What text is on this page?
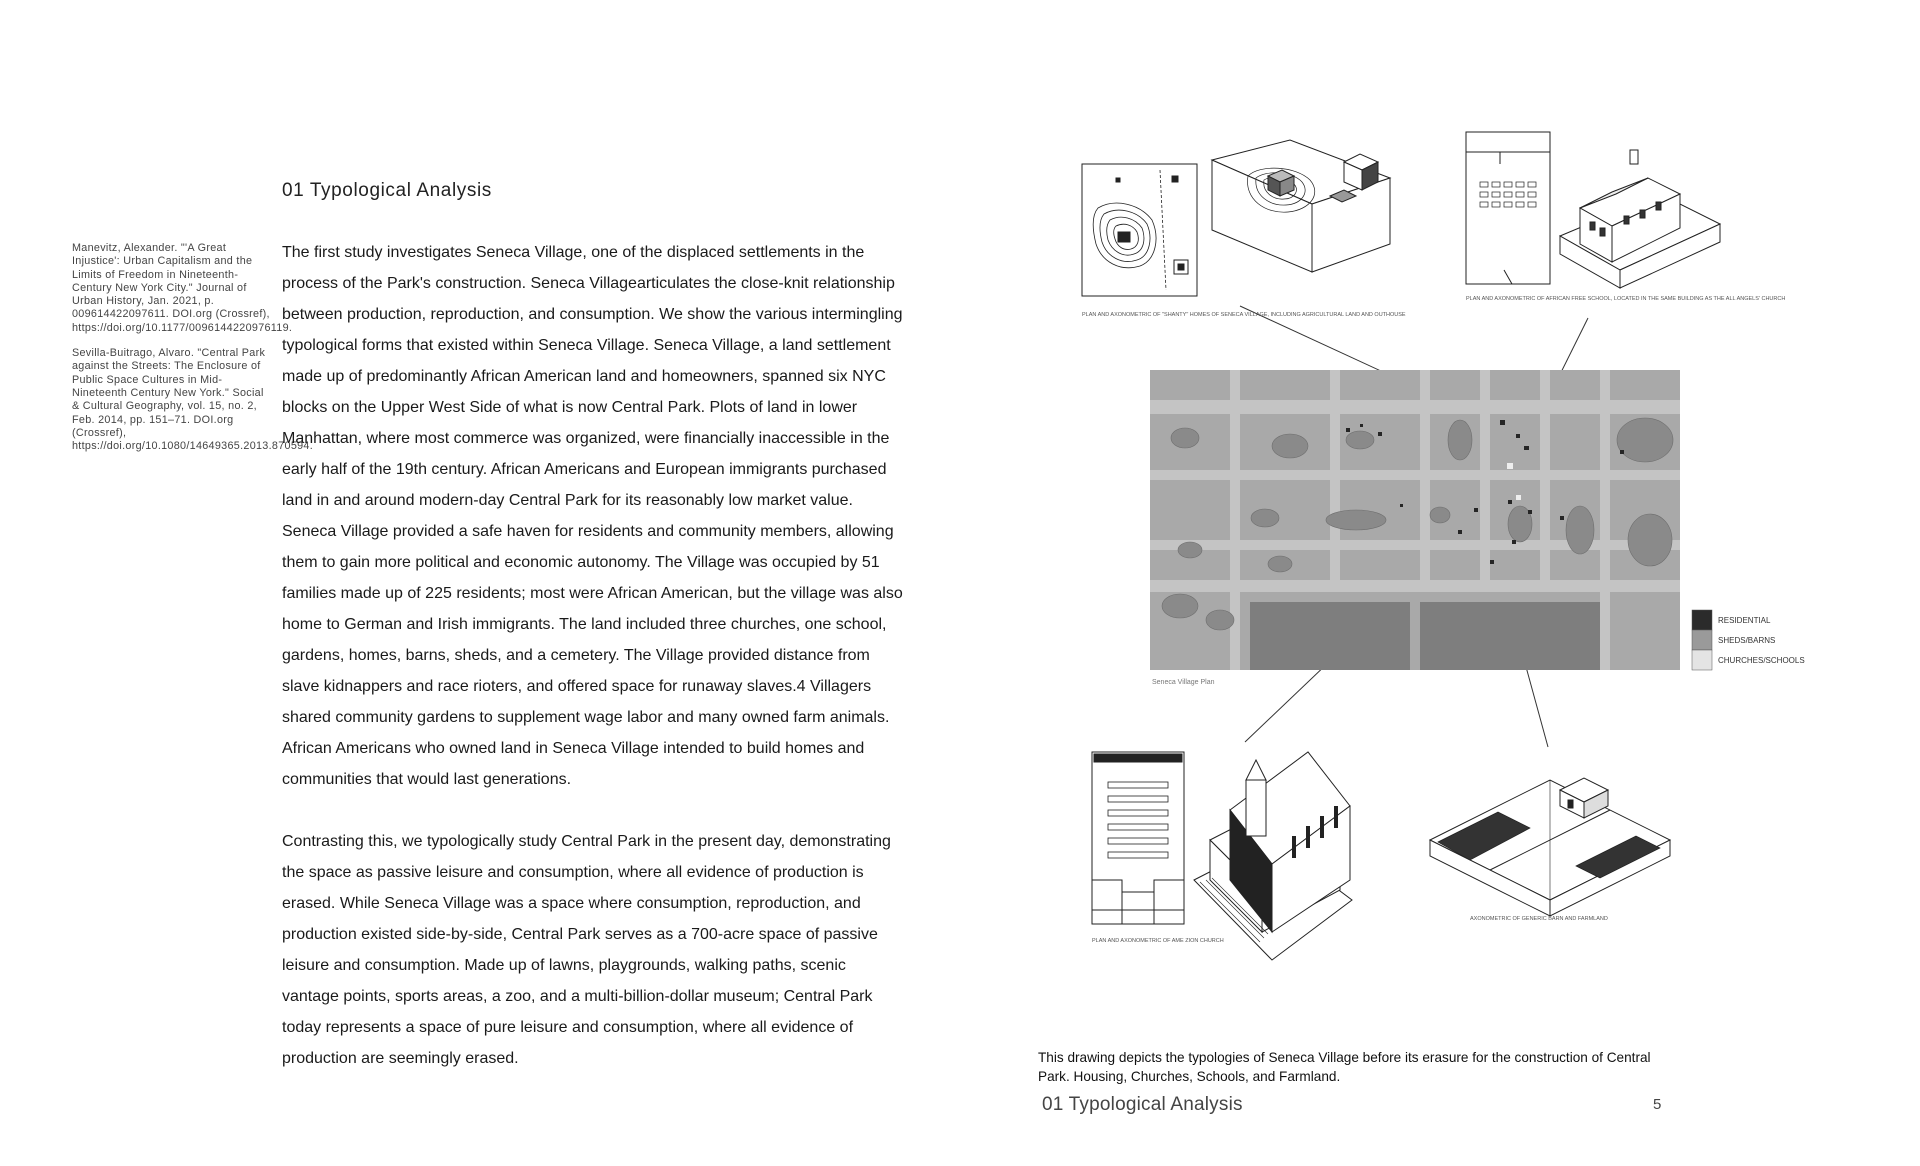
01 Typological Analysis

Manevitz, Alexander. "'A Great Injustice': Urban Capitalism and the Limits of Freedom in Nineteenth-Century New York City." Journal of Urban History, Jan. 2021, p. 009614422097611. DOI.org (Crossref), https://doi.org/10.1177/0096144220976119.

Sevilla-Buitrago, Alvaro. "Central Park against the Streets: The Enclosure of Public Space Cultures in Mid-Nineteenth Century New York." Social & Cultural Geography, vol. 15, no. 2, Feb. 2014, pp. 151–71. DOI.org (Crossref), https://doi.org/10.1080/14649365.2013.870594.

The first study investigates Seneca Village, one of the displaced settlements in the process of the Park's construction. Seneca Villagearticulates the close-knit relationship between production, reproduction, and consumption. We show the various intermingling typological forms that existed within Seneca Village. Seneca Village, a land settlement made up of predominantly African American land and homeowners, spanned six NYC blocks on the Upper West Side of what is now Central Park. Plots of land in lower Manhattan, where most commerce was organized, were financially inaccessible in the early half of the 19th century. African Americans and European immigrants purchased land in and around modern-day Central Park for its reasonably low market value. Seneca Village provided a safe haven for residents and community members, allowing them to gain more political and economic autonomy. The Village was occupied by 51 families made up of 225 residents; most were African American, but the village was also home to German and Irish immigrants. The land included three churches, one school, gardens, homes, barns, sheds, and a cemetery. The Village provided distance from slave kidnappers and race rioters, and offered space for runaway slaves.4 Villagers shared community gardens to supplement wage labor and many owned farm animals. African Americans who owned land in Seneca Village intended to build homes and communities that would last generations.

Contrasting this, we typologically study Central Park in the present day, demonstrating the space as passive leisure and consumption, where all evidence of production is erased. While Seneca Village was a space where consumption, reproduction, and production existed side-by-side, Central Park serves as a 700-acre space of passive leisure and consumption. Made up of lawns, playgrounds, walking paths, scenic vantage points, sports areas, a zoo, and a multi-billion-dollar museum; Central Park today represents a space of pure leisure and consumption, where all evidence of production are seemingly erased.

PLAN AND AXONOMETRIC OF "SHANTY" HOMES OF SENECA VILLAGE, INCLUDING AGRICULTURAL LAND AND OUTHOUSE
PLAN AND AXONOMETRIC OF AFRICAN FREE SCHOOL, LOCATED IN THE SAME BUILDING AS THE ALL ANGELS' CHURCH
Seneca Village Plan
RESIDENTIAL
SHEDS/BARNS
CHURCHES/SCHOOLS
PLAN AND AXONOMETRIC OF AME ZION CHURCH
AXONOMETRIC OF GENERIC BARN AND FARMLAND
This drawing depicts the typologies of Seneca Village before its erasure for the construction of Central Park. Housing, Churches, Schools, and Farmland.
01 Typological Analysis	5
